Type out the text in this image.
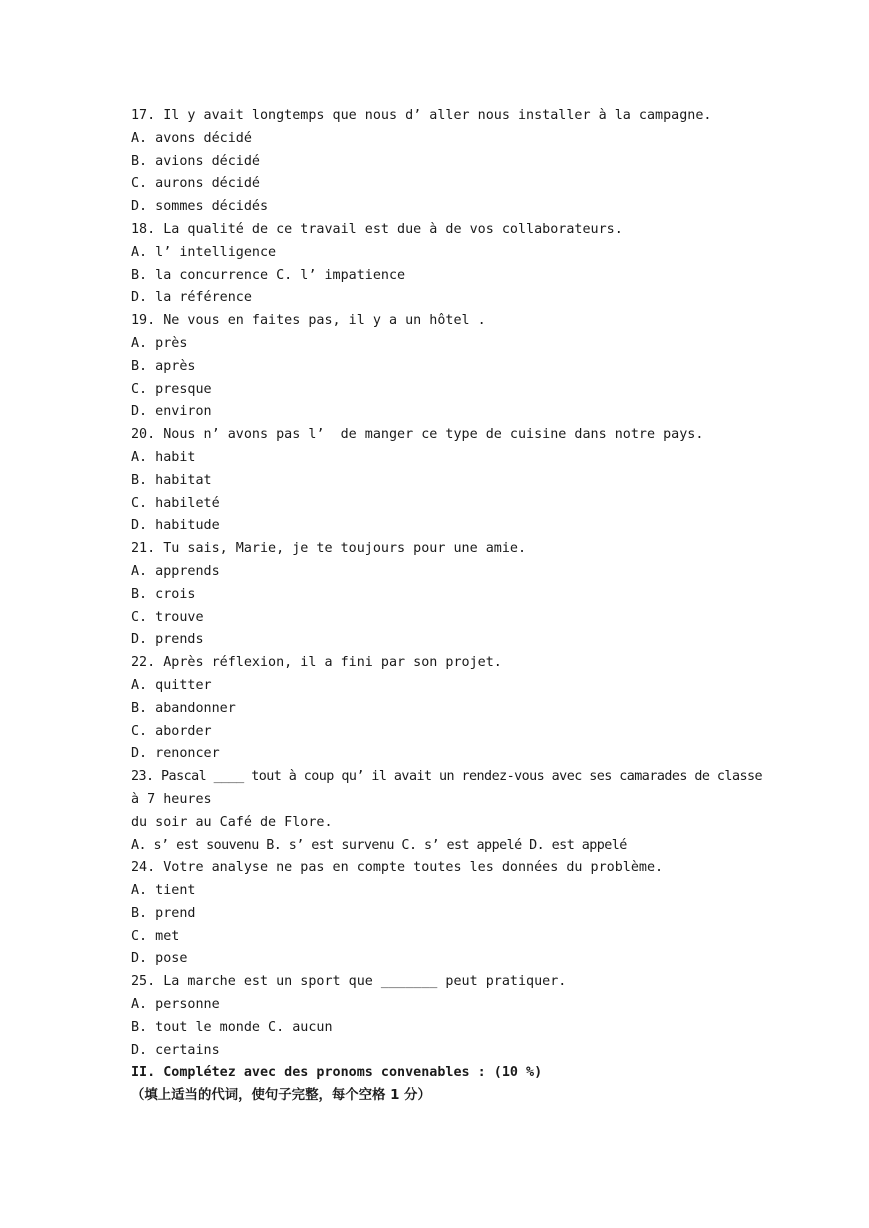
17. Il y avait longtemps que nous d’ aller nous installer à la campagne.
A. avons décidé
B. avions décidé
C. aurons décidé
D. sommes décidés
18. La qualité de ce travail est due à de vos collaborateurs.
A. l’ intelligence
B. la concurrence C. l’ impatience
D. la référence
19. Ne vous en faites pas, il y a un hôtel .
A. près
B. après
C. presque
D. environ
20. Nous n’ avons pas l’  de manger ce type de cuisine dans notre pays.
A. habit
B. habitat
C. habileté
D. habitude
21. Tu sais, Marie, je te toujours pour une amie.
A. apprends
B. crois
C. trouve
D. prends
22. Après réflexion, il a fini par son projet.
A. quitter
B. abandonner
C. aborder
D. renoncer
23. Pascal ____ tout à coup qu’ il avait un rendez-vous avec ses camarades de classe
à 7 heures
du soir au Café de Flore.
A. s’ est souvenu B. s’ est survenu C. s’ est appelé D. est appelé
24. Votre analyse ne pas en compte toutes les données du problème.
A. tient
B. prend
C. met
D. pose
25. La marche est un sport que _______ peut pratiquer.
A. personne
B. tout le monde C. aucun
D. certains
II. Complétez avec des pronoms convenables : (10 %)
（填上适当的代词，使句子完整，每个空格 1 分）
